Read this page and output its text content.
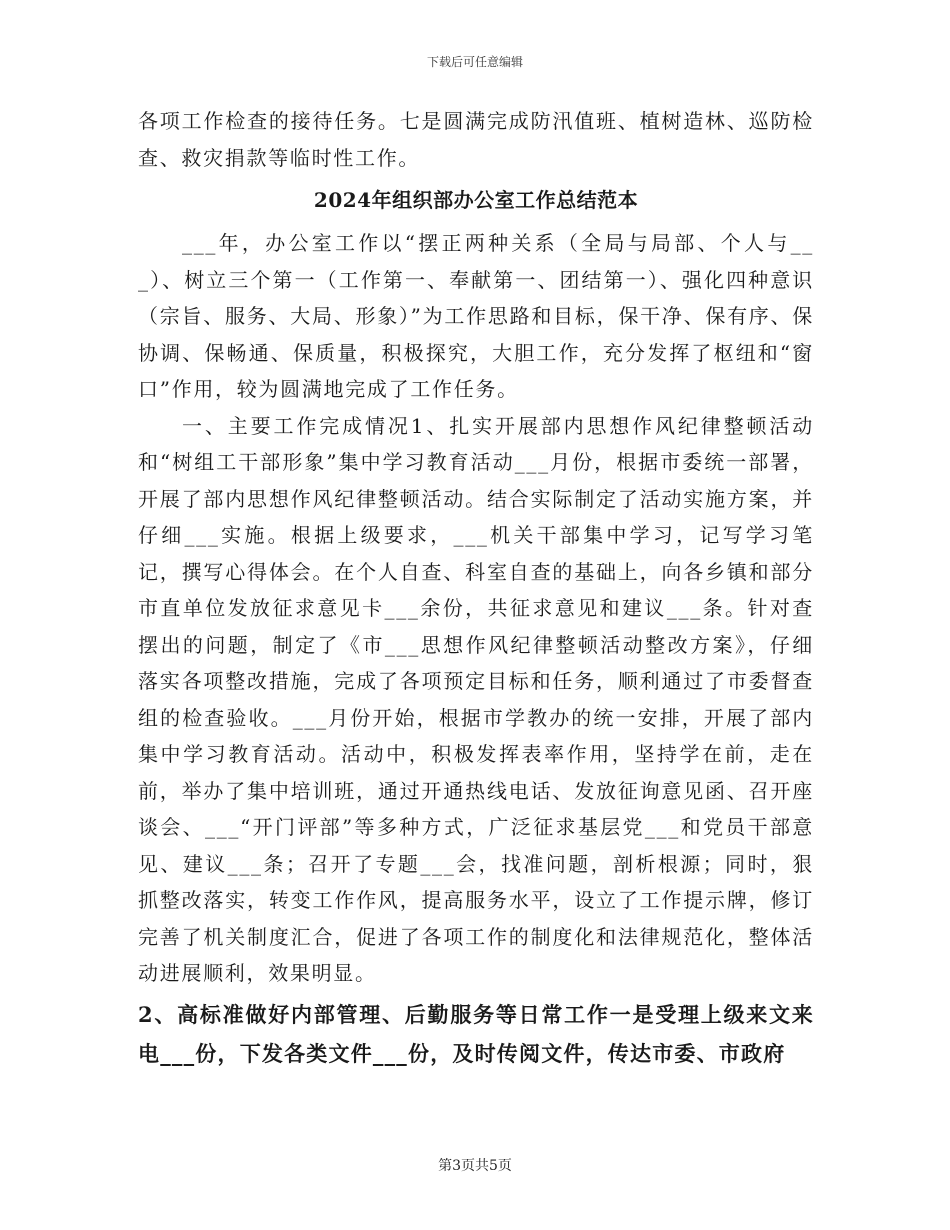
下载后可任意编辑

各项工作检查的接待任务。七是圆满完成防汛值班、植树造林、巡防检查、救灾捐款等临时性工作。

2024年组织部办公室工作总结范本

___年，办公室工作以“摆正两种关系（全局与局部、个人与___）、树立三个第一（工作第一、奉献第一、团结第一）、强化四种意识（宗旨、服务、大局、形象）”为工作思路和目标，保干净、保有序、保协调、保畅通、保质量，积极探究，大胆工作，充分发挥了枢纽和“窗口”作用，较为圆满地完成了工作任务。

一、主要工作完成情况1、扎实开展部内思想作风纪律整顿活动和“树组工干部形象”集中学习教育活动___月份，根据市委统一部署，开展了部内思想作风纪律整顿活动。结合实际制定了活动实施方案，并仔细___实施。根据上级要求，___机关干部集中学习，记写学习笔记，撰写心得体会。在个人自查、科室自查的基础上，向各乡镇和部分市直单位发放征求意见卡___余份，共征求意见和建议___条。针对查摆出的问题，制定了《市___思想作风纪律整顿活动整改方案》，仔细落实各项整改措施，完成了各项预定目标和任务，顺利通过了市委督查组的检查验收。___月份开始，根据市学教办的统一安排，开展了部内集中学习教育活动。活动中，积极发挥表率作用，坚持学在前，走在前，举办了集中培训班，通过开通热线电话、发放征询意见函、召开座谈会、___“开门评部”等多种方式，广泛征求基层党___和党员干部意见、建议___条；召开了专题___会，找准问题，剖析根源；同时，狠抓整改落实，转变工作作风，提高服务水平，设立了工作提示牌，修订完善了机关制度汇合，促进了各项工作的制度化和法律规范化，整体活动进展顺利，效果明显。

2、高标准做好内部管理、后勤服务等日常工作一是受理上级来文来电___份，下发各类文件___份，及时传阅文件，传达市委、市政府

第3页共5页
